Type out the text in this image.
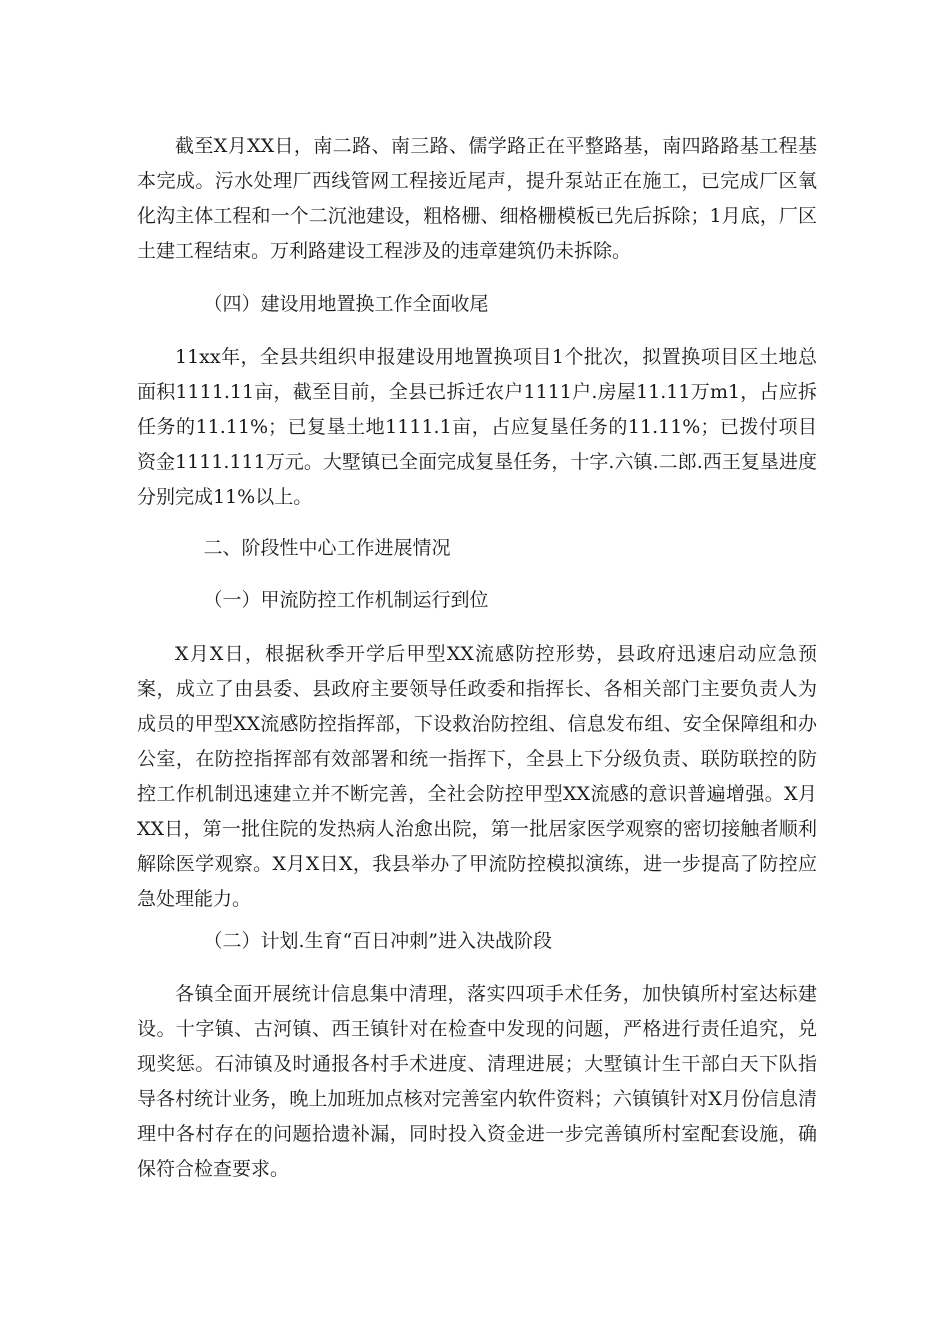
截至X月XX日，南二路、南三路、儒学路正在平整路基，南四路路基工程基本完成。污水处理厂西线管网工程接近尾声，提升泵站正在施工，已完成厂区氧化沟主体工程和一个二沉池建设，粗格栅、细格栅模板已先后拆除；1月底，厂区土建工程结束。万利路建设工程涉及的违章建筑仍未拆除。
（四）建设用地置换工作全面收尾
11xx年，全县共组织申报建设用地置换项目1个批次，拟置换项目区土地总面积1111.11亩，截至目前，全县已拆迁农户1111户.房屋11.11万m1，占应拆任务的11.11%；已复垦土地1111.1亩，占应复垦任务的11.11%；已拨付项目资金1111.111万元。大墅镇已全面完成复垦任务，十字.六镇.二郎.西王复垦进度分别完成11%以上。
二、阶段性中心工作进展情况
（一）甲流防控工作机制运行到位
X月X日，根据秋季开学后甲型XX流感防控形势，县政府迅速启动应急预案，成立了由县委、县政府主要领导任政委和指挥长、各相关部门主要负责人为成员的甲型XX流感防控指挥部，下设救治防控组、信息发布组、安全保障组和办公室，在防控指挥部有效部署和统一指挥下，全县上下分级负责、联防联控的防控工作机制迅速建立并不断完善，全社会防控甲型XX流感的意识普遍增强。X月XX日，第一批住院的发热病人治愈出院，第一批居家医学观察的密切接触者顺利解除医学观察。X月X日X，我县举办了甲流防控模拟演练，进一步提高了防控应急处理能力。
（二）计划.生育“百日冲刺”进入决战阶段
各镇全面开展统计信息集中清理，落实四项手术任务，加快镇所村室达标建设。十字镇、古河镇、西王镇针对在检查中发现的问题，严格进行责任追究，兑现奖惩。石沛镇及时通报各村手术进度、清理进展；大墅镇计生干部白天下队指导各村统计业务，晚上加班加点核对完善室内软件资料；六镇镇针对X月份信息清理中各村存在的问题拾遗补漏，同时投入资金进一步完善镇所村室配套设施，确保符合检查要求。
